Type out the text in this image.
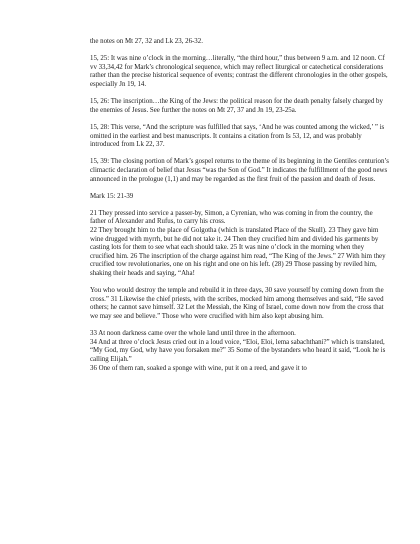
the notes on Mt 27, 32 and Lk 23, 26-32.

15, 25: It was nine o’clock in the morning…literally, “the third hour,” thus between 9 a.m. and 12 noon. Cf vv 33,34,42 for Mark’s chronological sequence, which may reflect liturgical or catechetical considerations rather than the precise historical sequence of events; contrast the different chronologies in the other gospels, especially Jn 19, 14.

15, 26: The inscription…the King of the Jews: the political reason for the death penalty falsely charged by the enemies of Jesus. See further the notes on Mt 27, 37 and Jn 19, 23-25a.

15, 28: This verse, “And the scripture was fulfilled that says, ‘And he was counted among the wicked,’ ” is omitted in the earliest and best manuscripts. It contains a citation from Is 53, 12, and was probably introduced from Lk 22, 37.

15, 39: The closing portion of Mark’s gospel returns to the theme of its beginning in the Gentiles centurion’s climactic declaration of belief that Jesus “was the Son of God.” It indicates the fulfillment of the good news announced in the prologue (1,1) and may be regarded as the first fruit of the passion and death of Jesus.

Mark 15: 21-39

21 They pressed into service a passer-by, Simon, a Cyrenian, who was coming in from the country, the father of Alexander and Rufus, to carry his cross.

22 They brought him to the place of Golgotha (which is translated Place of the Skull). 23 They gave him wine drugged with myrrh, but he did not take it. 24 Then they crucified him and divided his garments by casting lots for them to see what each should take. 25 It was nine o’clock in the morning when they crucified him. 26 The inscription of the charge against him read, “The King of the Jews.” 27 With him they crucified tow revolutionaries, one on his right and one on his left. (28) 29 Those passing by reviled him, shaking their heads and saying, “Aha!

You who would destroy the temple and rebuild it in three days, 30 save yourself by coming down from the cross.” 31 Likewise the chief priests, with the scribes, mocked him among themselves and said, “He saved others; he cannot save himself. 32 Let the Messiah, the King of Israel, come down now from the cross that we may see and believe.” Those who were crucified with him also kept abusing him.

33 At noon darkness came over the whole land until three in the afternoon.

34 And at three o’clock Jesus cried out in a loud voice, “Eloi, Eloi, lema sabachthani?” which is translated, “My God, my God, why have you forsaken me?” 35 Some of the bystanders who heard it said, “Look he is calling Elijah.”

36 One of them ran, soaked a sponge with wine, put it on a reed, and gave it to
